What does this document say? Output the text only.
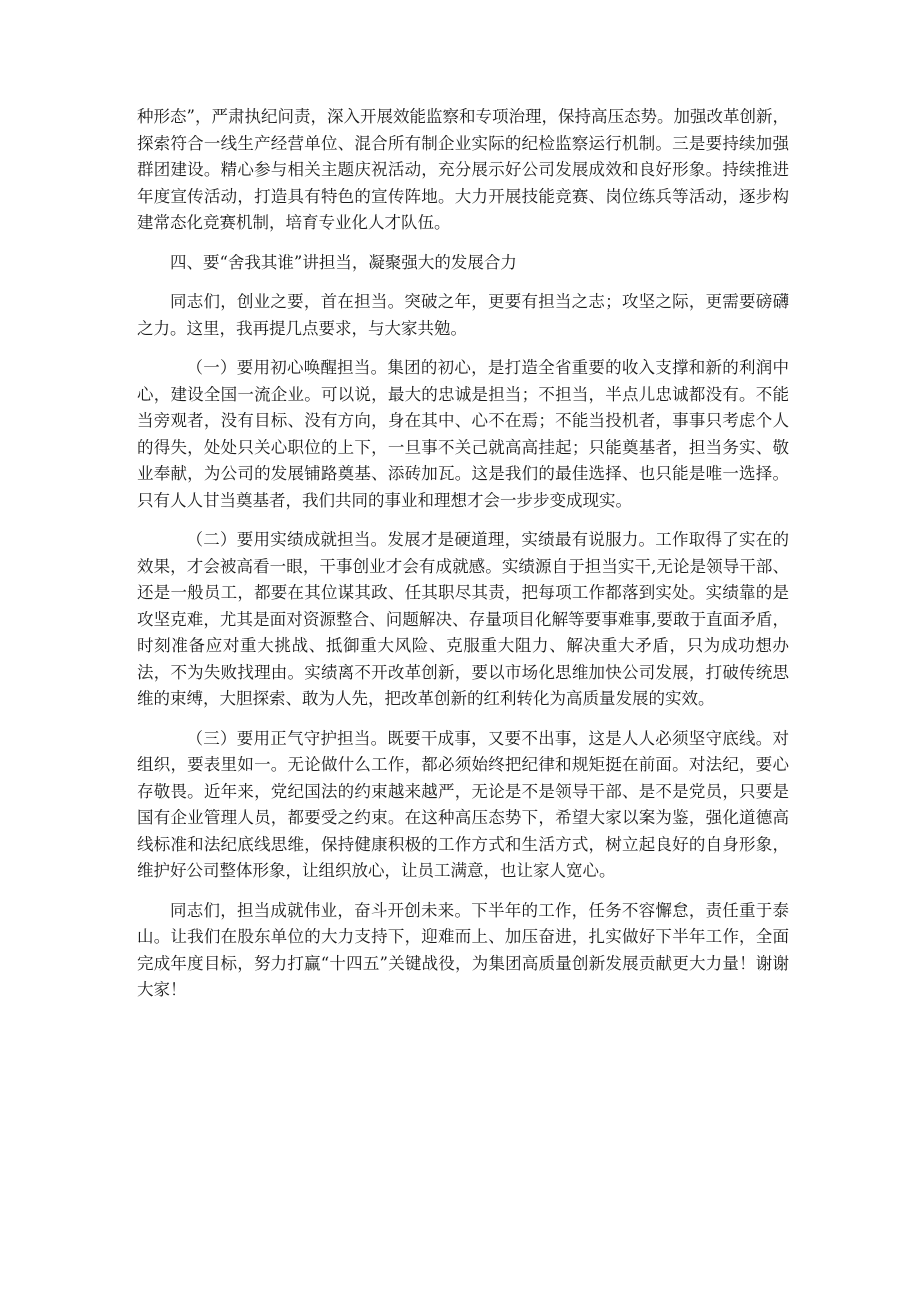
种形态”，严肃执纪问责，深入开展效能监察和专项治理，保持高压态势。加强改革创新，探索符合一线生产经营单位、混合所有制企业实际的纪检监察运行机制。三是要持续加强群团建设。精心参与相关主题庆祝活动，充分展示好公司发展成效和良好形象。持续推进年度宣传活动，打造具有特色的宣传阵地。大力开展技能竞赛、岗位练兵等活动，逐步构建常态化竞赛机制，培育专业化人才队伍。

四、要“舍我其谁”讲担当，凝聚强大的发展合力

同志们，创业之要，首在担当。突破之年，更要有担当之志；攻坚之际，更需要磅礴之力。这里，我再提几点要求，与大家共勉。

（一）要用初心唤醒担当。集团的初心，是打造全省重要的收入支撑和新的利润中心，建设全国一流企业。可以说，最大的忠诚是担当；不担当，半点儿忠诚都没有。不能当旁观者，没有目标、没有方向，身在其中、心不在焉；不能当投机者，事事只考虑个人的得失，处处只关心职位的上下，一旦事不关己就高高挂起；只能奠基者，担当务实、敬业奉献，为公司的发展铺路奠基、添砖加瓦。这是我们的最佳选择、也只能是唯一选择。只有人人甘当奠基者，我们共同的事业和理想才会一步步变成现实。

（二）要用实绩成就担当。发展才是硬道理，实绩最有说服力。工作取得了实在的效果，才会被高看一眼，干事创业才会有成就感。实绩源自于担当实干,无论是领导干部、还是一般员工，都要在其位谋其政、任其职尽其责，把每项工作都落到实处。实绩靠的是攻坚克难，尤其是面对资源整合、问题解决、存量项目化解等要事难事,要敢于直面矛盾，时刻准备应对重大挑战、抵御重大风险、克服重大阻力、解决重大矛盾，只为成功想办法，不为失败找理由。实绩离不开改革创新，要以市场化思维加快公司发展，打破传统思维的束缚，大胆探索、敢为人先，把改革创新的红利转化为高质量发展的实效。

（三）要用正气守护担当。既要干成事，又要不出事，这是人人必须坚守底线。对组织，要表里如一。无论做什么工作，都必须始终把纪律和规矩挺在前面。对法纪，要心存敬畏。近年来，党纪国法的约束越来越严，无论是不是领导干部、是不是党员，只要是国有企业管理人员，都要受之约束。在这种高压态势下，希望大家以案为鉴，强化道德高线标准和法纪底线思维，保持健康积极的工作方式和生活方式，树立起良好的自身形象，维护好公司整体形象，让组织放心，让员工满意，也让家人宽心。

同志们，担当成就伟业，奋斗开创未来。下半年的工作，任务不容懈怠，责任重于泰山。让我们在股东单位的大力支持下，迎难而上、加压奋进，扎实做好下半年工作，全面完成年度目标，努力打赢“十四五”关键战役，为集团高质量创新发展贡献更大力量！谢谢大家！
